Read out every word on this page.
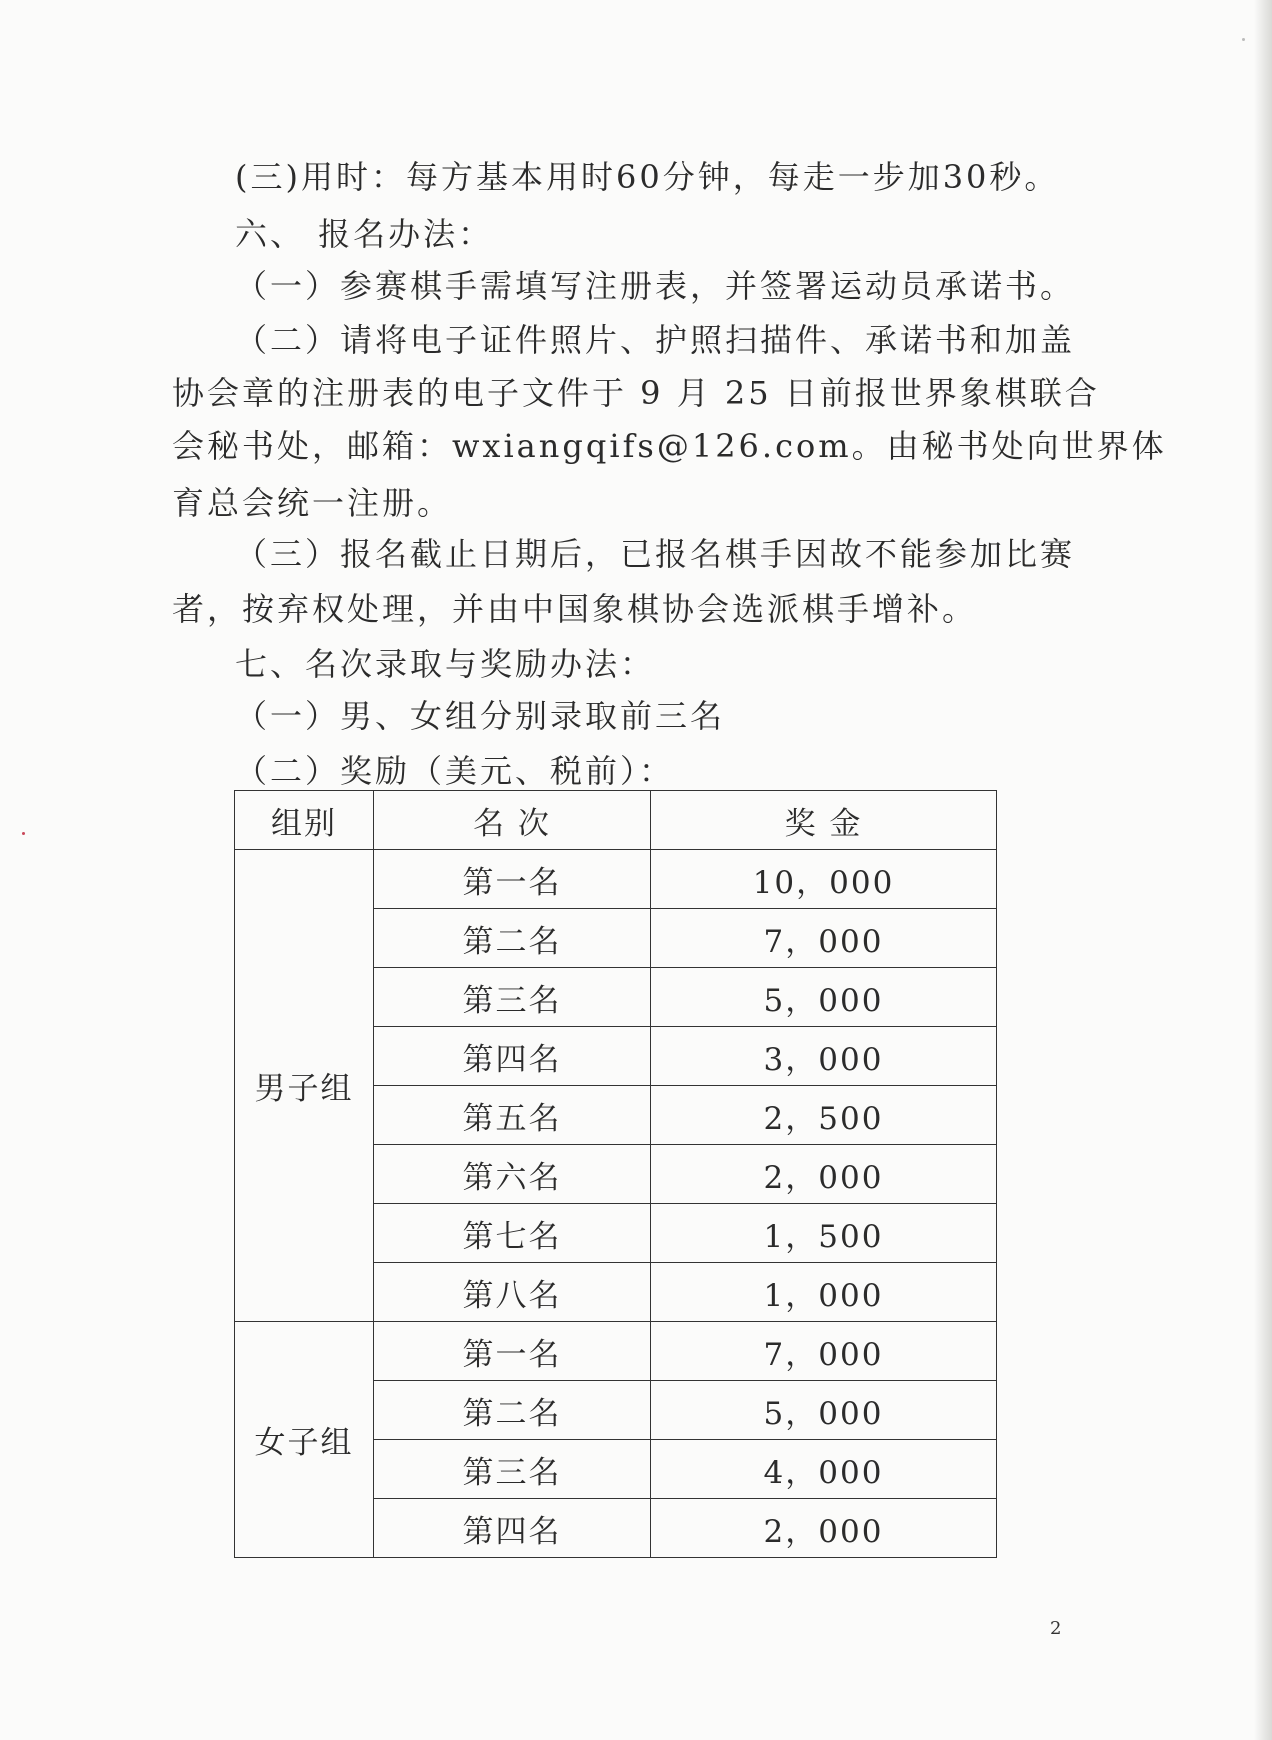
(三)用时：每方基本用时60分钟，每走一步加30秒。
六、 报名办法：
（一）参赛棋手需填写注册表，并签署运动员承诺书。
（二）请将电子证件照片、护照扫描件、承诺书和加盖
协会章的注册表的电子文件于 9 月 25 日前报世界象棋联合
会秘书处，邮箱：wxiangqifs@126.com。由秘书处向世界体
育总会统一注册。
（三）报名截止日期后，已报名棋手因故不能参加比赛
者，按弃权处理，并由中国象棋协会选派棋手增补。
七、名次录取与奖励办法：
（一）男、女组分别录取前三名
（二）奖励（美元、税前）：
组别	名 次	奖 金
男子组	第一名	10，000
	第二名	7，000
	第三名	5，000
	第四名	3，000
	第五名	2，500
	第六名	2，000
	第七名	1，500
	第八名	1，000
女子组	第一名	7，000
	第二名	5，000
	第三名	4，000
	第四名	2，000
2
